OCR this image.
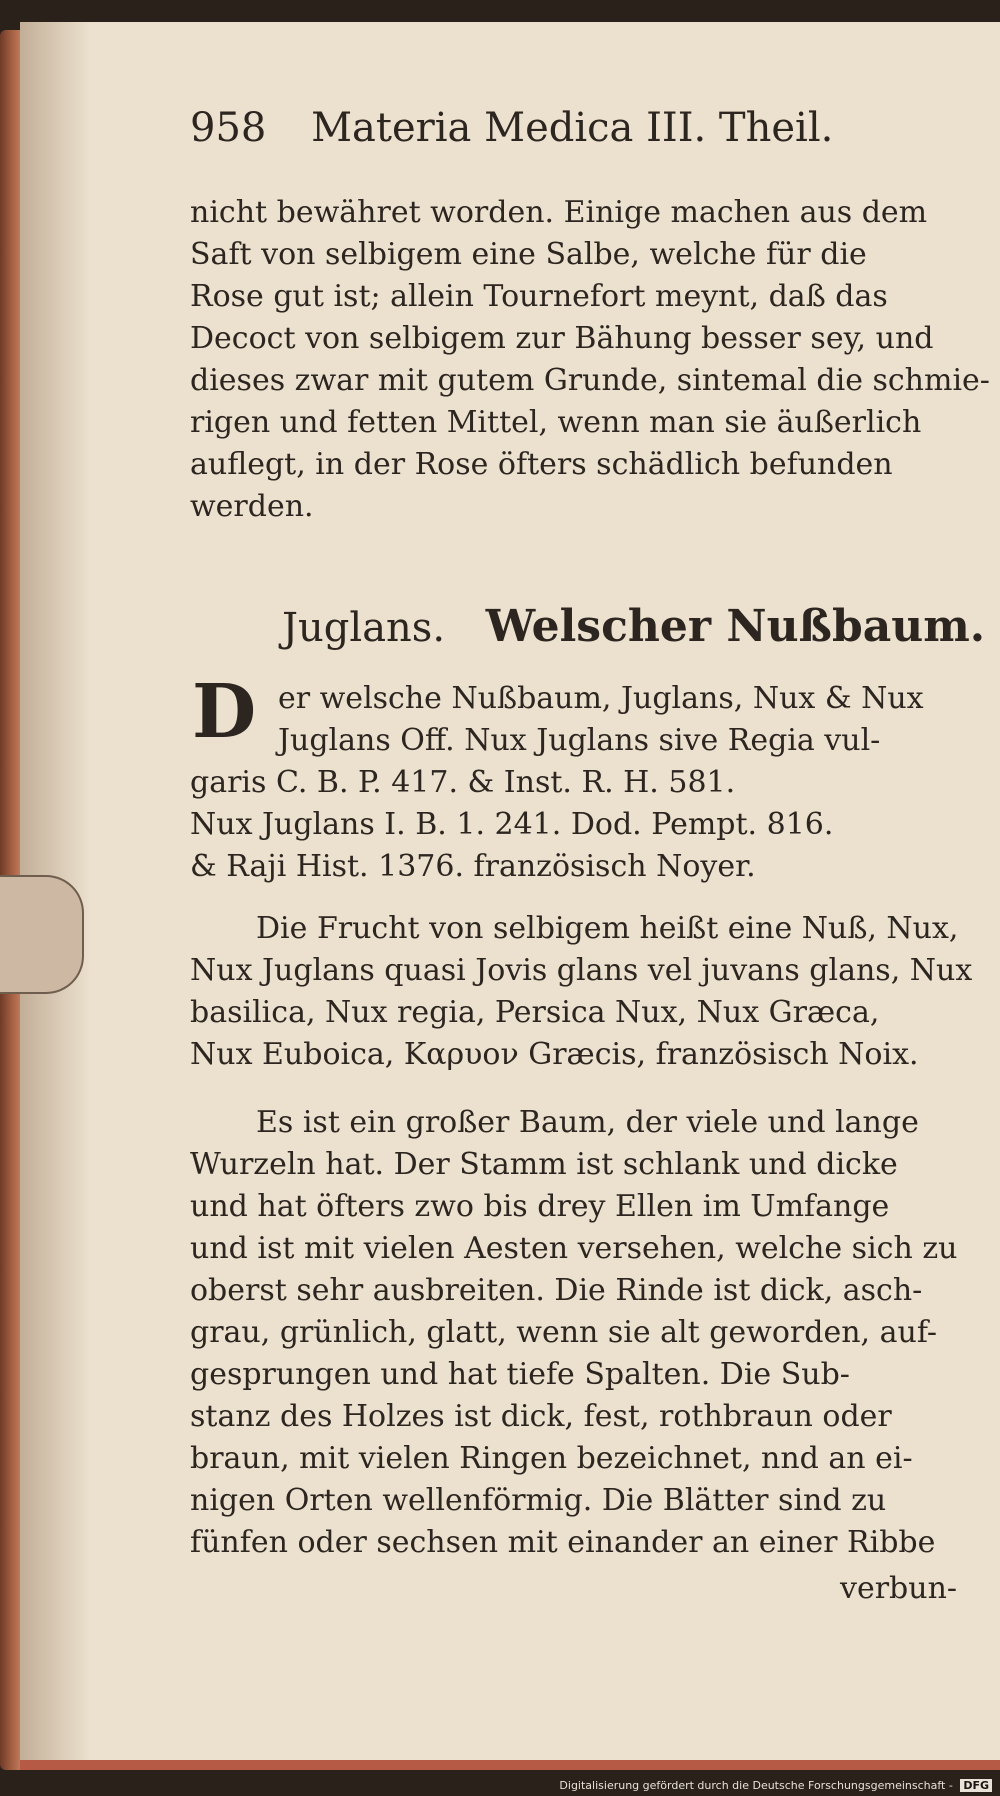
958 Materia Medica III. Theil.
nicht bewähret worden. Einige machen aus dem
Saft von selbigem eine Salbe, welche für die
Rose gut ist; allein Tournefort meynt, daß das
Decoct von selbigem zur Bähung besser sey, und
dieses zwar mit gutem Grunde, sintemal die schmie-
rigen und fetten Mittel, wenn man sie äußerlich
auflegt, in der Rose öfters schädlich befunden
werden.
Juglans. Welscher Nußbaum.
D er welsche Nußbaum, Juglans, Nux & Nux
Juglans Off. Nux Juglans sive Regia vul-
garis C. B. P. 417. & Inst. R. H. 581.
Nux Juglans I. B. 1. 241. Dod. Pempt. 816.
& Raji Hist. 1376. französisch Noyer.
Die Frucht von selbigem heißt eine Nuß, Nux,
Nux Juglans quasi Jovis glans vel juvans glans, Nux
basilica, Nux regia, Persica Nux, Nux Græca,
Nux Euboica, Καρυον Græcis, französisch Noix.
Es ist ein großer Baum, der viele und lange
Wurzeln hat. Der Stamm ist schlank und dicke
und hat öfters zwo bis drey Ellen im Umfange
und ist mit vielen Aesten versehen, welche sich zu
oberst sehr ausbreiten. Die Rinde ist dick, asch-
grau, grünlich, glatt, wenn sie alt geworden, auf-
gesprungen und hat tiefe Spalten. Die Sub-
stanz des Holzes ist dick, fest, rothbraun oder
braun, mit vielen Ringen bezeichnet, nnd an ei-
nigen Orten wellenförmig. Die Blätter sind zu
fünfen oder sechsen mit einander an einer Ribbe
verbun-
Digitalisierung gefördert durch die Deutsche Forschungsgemeinschaft - DFG
